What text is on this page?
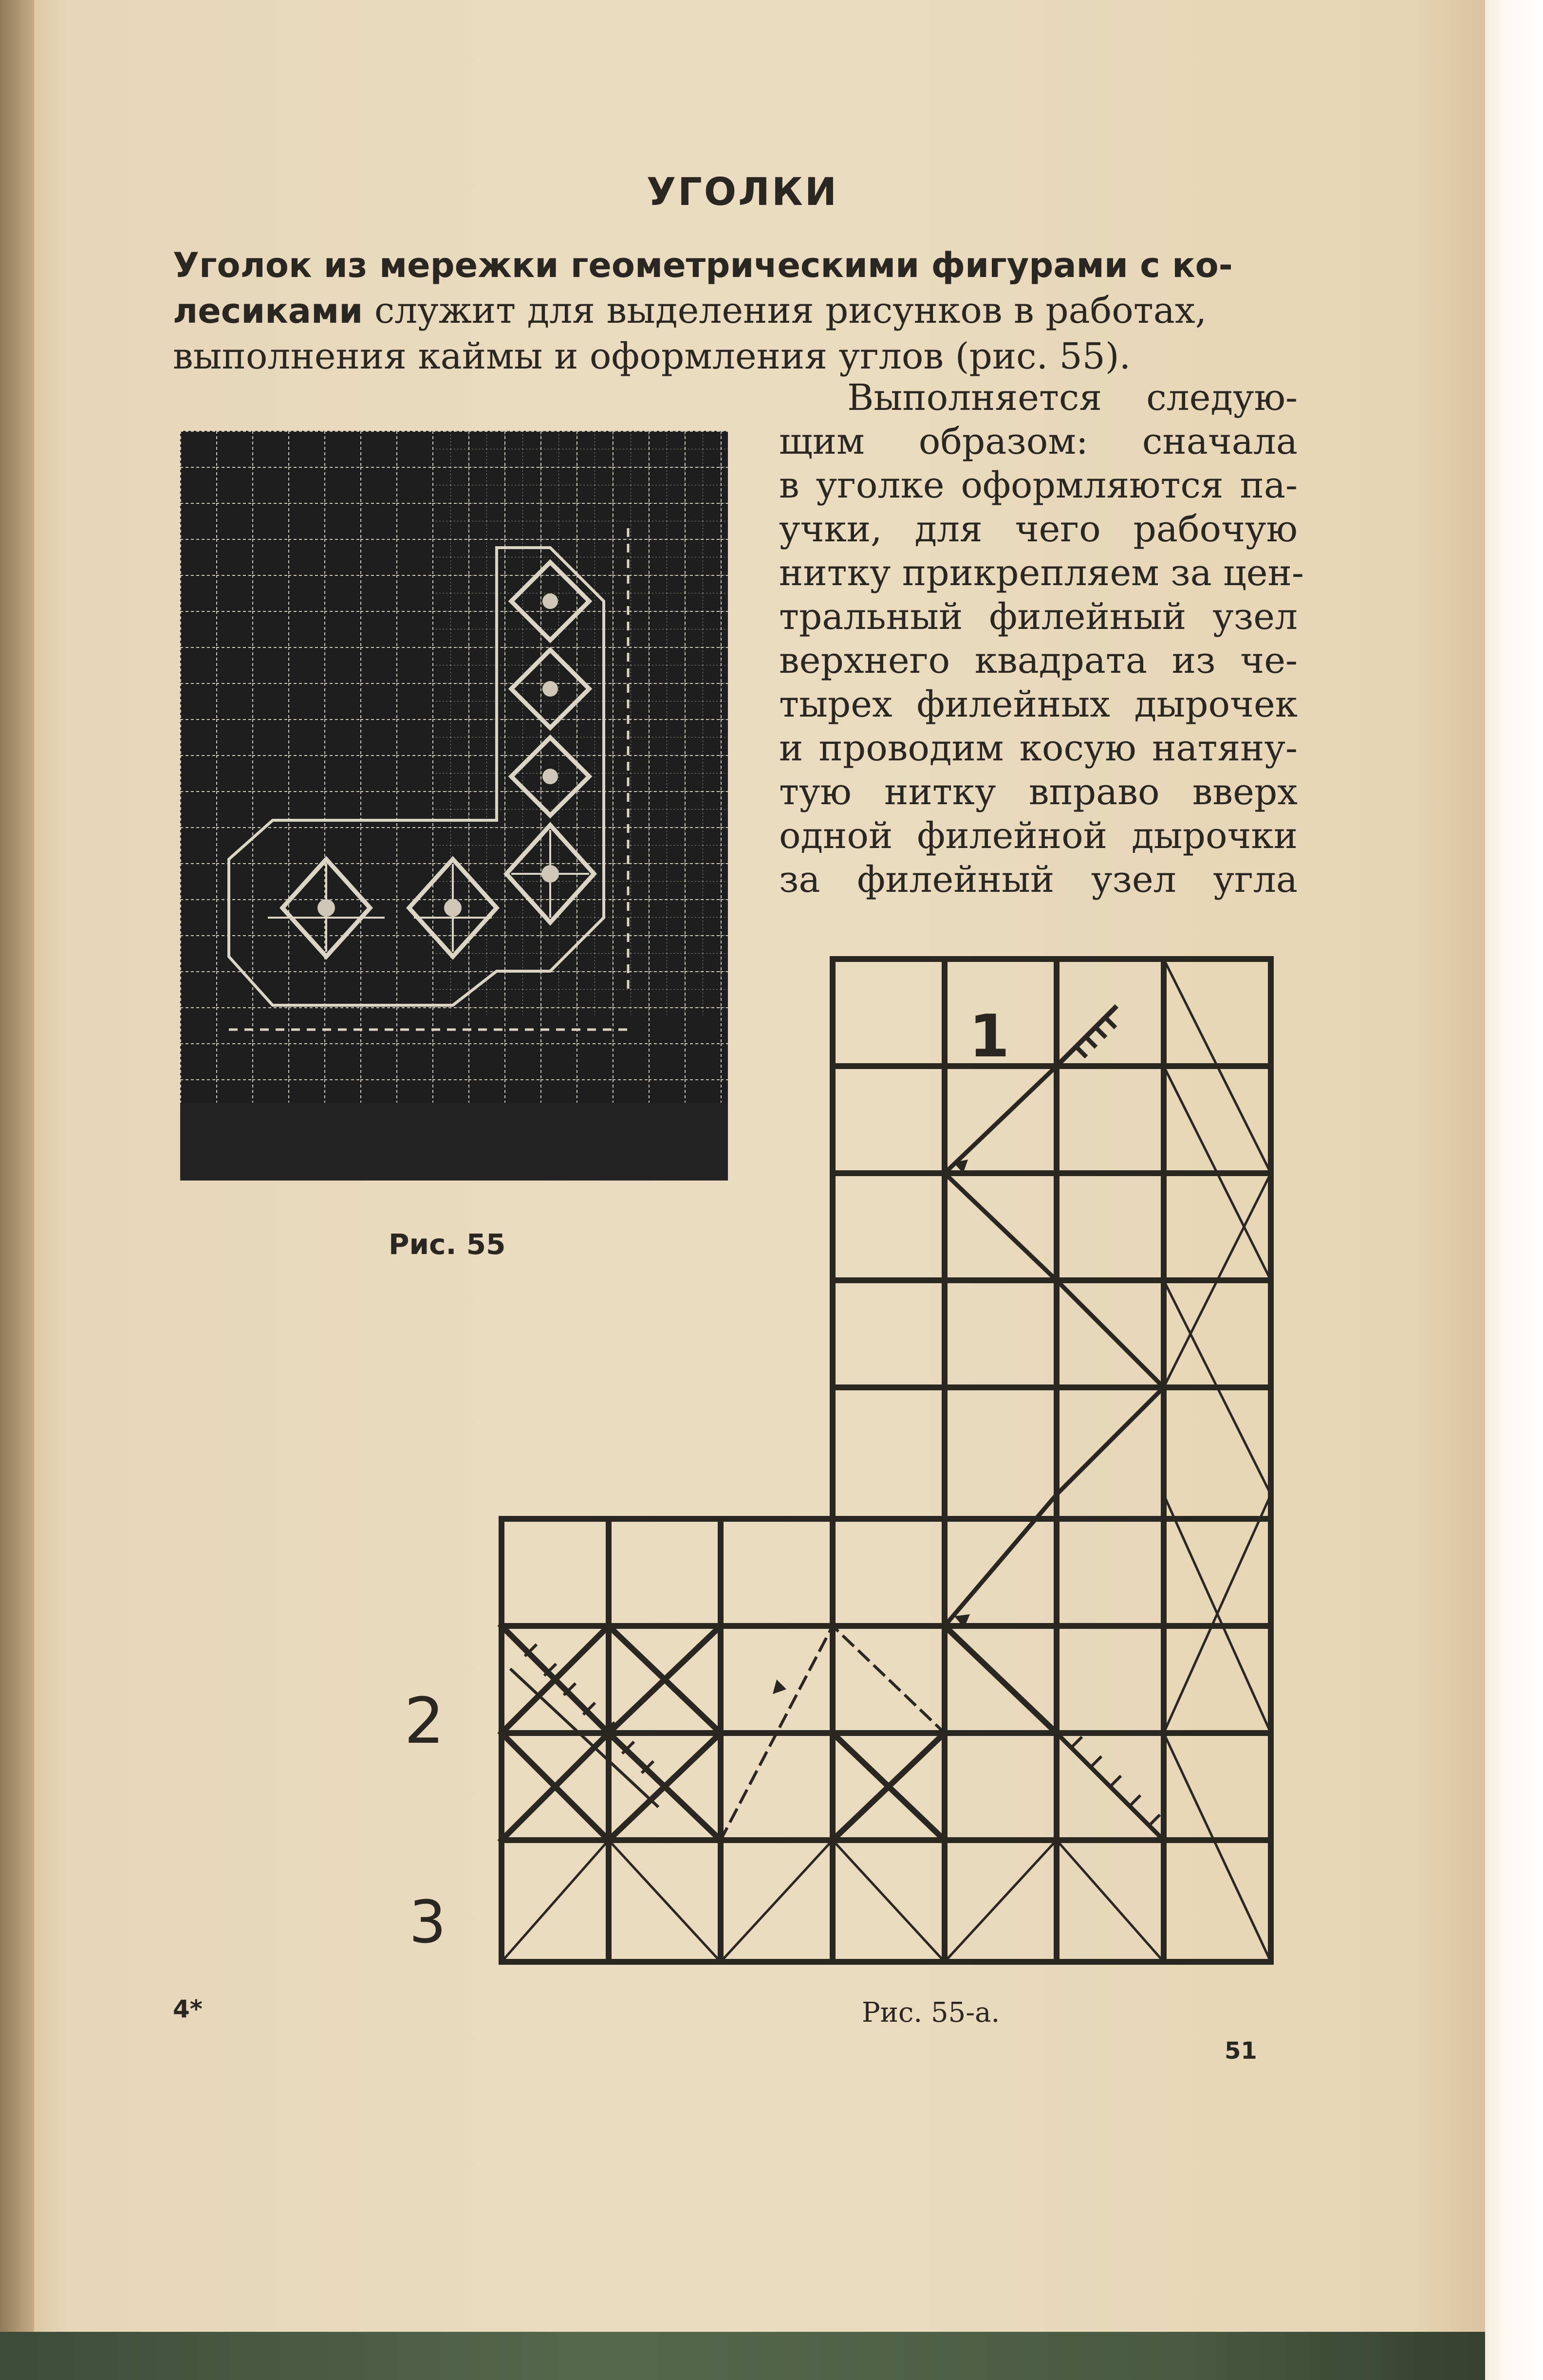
УГОЛКИ

Уголок из мережки геометрическими фигурами с ко-
лесиками служит для выделения рисунков в работах,
выполнения каймы и оформления углов (рис. 55).

Выполняется следую-
щим образом: сначала
в уголке оформляются па-
учки, для чего рабочую
нитку прикрепляем за цен-
тральный филейный узел
верхнего квадрата из че-
тырех филейных дырочек
и проводим косую натяну-
тую нитку вправо вверх
одной филейной дырочки
за филейный узел угла

Рис. 55

1
2
3

Рис. 55-а.

4*

51
